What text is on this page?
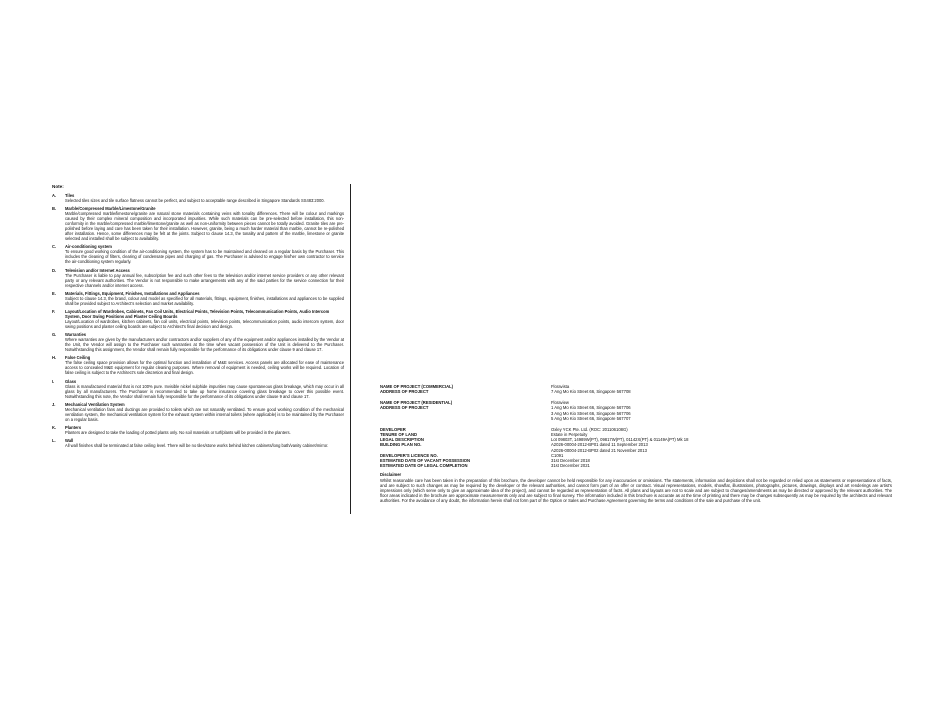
Note:
A.	Tiles
Selected tiles sizes and tile surface flatness cannot be perfect, and subject to acceptable range described in Singapore Standards SS483:2000.
B.	Marble/Compressed Marble/Limestone/Granite
Marble/compressed marble/limestone/granite are natural stone materials containing veins with tonality differences. There will be colour and markings caused by their complex mineral composition and incorporated impurities. While such materials can be pre-selected before installation, this non-conformity in the marble/compressed marble/limestone/granite as well as non-uniformity between pieces cannot be totally avoided. Granite tiles are pre-polished before laying and care has been taken for their installation. However, granite, being a much harder material than marble, cannot be re-polished after installation. Hence, some differences may be felt at the joints. Subject to clause 14.3, the tonality and pattern of the marble, limestone or granite selected and installed shall be subject to availability.
C.	Air-conditioning system
To ensure good working condition of the air-conditioning system, the system has to be maintained and cleaned on a regular basis by the Purchaser. This includes the cleaning of filters, clearing of condensate pipes and charging of gas. The Purchaser is advised to engage his/her own contractor to service the air-conditioning system regularly.
D.	Television and/or Internet Access
The Purchaser is liable to pay annual fee, subscription fee and such other fees to the television and/or internet service providers or any other relevant party or any relevant authorities. The Vendor is not responsible to make arrangements with any of the said parties for the service connection for their respective channels and/or internet access.
E.	Materials, Fittings, Equipment, Finishes, Installations and Appliances
Subject to clause 14.3, the brand, colour and model as specified for all materials, fittings, equipment, finishes, installations and appliances to be supplied shall be provided subject to Architect's selection and market availability.
F.	Layout/Location of Wardrobes, Cabinets, Fan Coil Units, Electrical Points, Television Points, Telecommunication Points, Audio Intercom System, Door Swing Positions and Plaster Ceiling Boards
Layout/Location of wardrobes, kitchen cabinets, fan coil units, electrical points, television points, telecommunication points, audio intercom system, door swing positions and plaster ceiling boards are subject to Architect's final decision and design.
G.	Warranties
Where warranties are given by the manufacturers and/or contractors and/or suppliers of any of the equipment and/or appliances installed by the Vendor at the Unit, the Vendor will assign to the Purchaser such warranties at the time when vacant possession of the Unit is delivered to the Purchaser. Notwithstanding this assignment, the Vendor shall remain fully responsible for the performance of its obligations under clause 9 and clause 17.
H.	False Ceiling
The false ceiling space provision allows for the optimal function and installation of M&E services. Access panels are allocated for ease of maintenance access to concealed M&E equipment for regular cleaning purposes. Where removal of equipment is needed, ceiling works will be required. Location of false ceiling is subject to the Architect's sole discretion and final design.
I.	Glass
Glass is manufactured material that is not 100% pure. Invisible nickel sulphide impurities may cause spontaneous glass breakage, which may occur in all glass by all manufacturers. The Purchaser is recommended to take up home insurance covering glass breakage to cover this possible event. Notwithstanding this note, the Vendor shall remain fully responsible for the performance of its obligations under clause 9 and clause 17.
J.	Mechanical Ventilation System
Mechanical ventilation fans and ductings are provided to toilets which are not naturally ventilated. To ensure good working condition of the mechanical ventilation system, the mechanical ventilation system for the exhaust system within internal toilets (where applicable) is to be maintained by the Purchaser on a regular basis.
K.	Planters
Planters are designed to take the loading of potted plants only. No soil materials or turf/plants will be provided in the planters.
L.	Wall
All wall finishes shall be terminated at false ceiling level. There will be no tiles/stone works behind kitchen cabinets/long bath/vanity cabinet/mirror.
NAME OF PROJECT (COMMERCIAL)	Floravista
ADDRESS OF PROJECT	7 Ang Mo Kio Street 66, Singapore 567708
NAME OF PROJECT (RESIDENTIAL)	Floraview
ADDRESS OF PROJECT	1 Ang Mo Kio Street 66, Singapore 567706
3 Ang Mo Kio Street 66, Singapore 567706
5 Ang Mo Kio Street 66, Singapore 567707
DEVELOPER	Oxley YCK Pte. Ltd. (ROC: 201106108G)
TENURE OF LAND	Estate in Perpetuity
LEGAL DESCRIPTION	Lot 09803T, 14989W(PT), 09817W(PT), 01142X(PT) & 01149A(PT) Mk 18
BUILDING PLAN NO.	A2026-00004-2012-BP01 dated 11 September 2013
A2026-00004-2012-BP02 dated 21 November 2013
DEVELOPER'S LICENCE NO.	C1091
ESTIMATED DATE OF VACANT POSSESSION	31st December 2018
ESTIMATED DATE OF LEGAL COMPLETION	31st December 2021
Disclaimer
Whilst reasonable care has been taken in the preparation of this brochure, the developer cannot be held responsible for any inaccuracies or omissions. The statements, information and depictions shall not be regarded or relied upon as statements or representations of facts, and are subject to such changes as may be required by the developer or the relevant authorities, and cannot form part of an offer or contract. Visual representations, models, showflat, illustrations, photographs, pictures, drawings, displays and art renderings are artist's impressions only (which serve only to give an approximate idea of the project), and cannot be regarded as representation of facts. All plans and layouts are not to scale and are subject to changes/amendments as may be directed or approved by the relevant authorities. The floor areas indicated in the brochure are approximate measurements only and are subject to final survey. The information included in this brochure is accurate as at the time of printing and there may be changes subsequently as may be required by the architects and relevant authorities. For the avoidance of any doubt, the information herein shall not form part of the Option or Sales and Purchase Agreement governing the terms and conditions of the sale and purchase of the unit.
